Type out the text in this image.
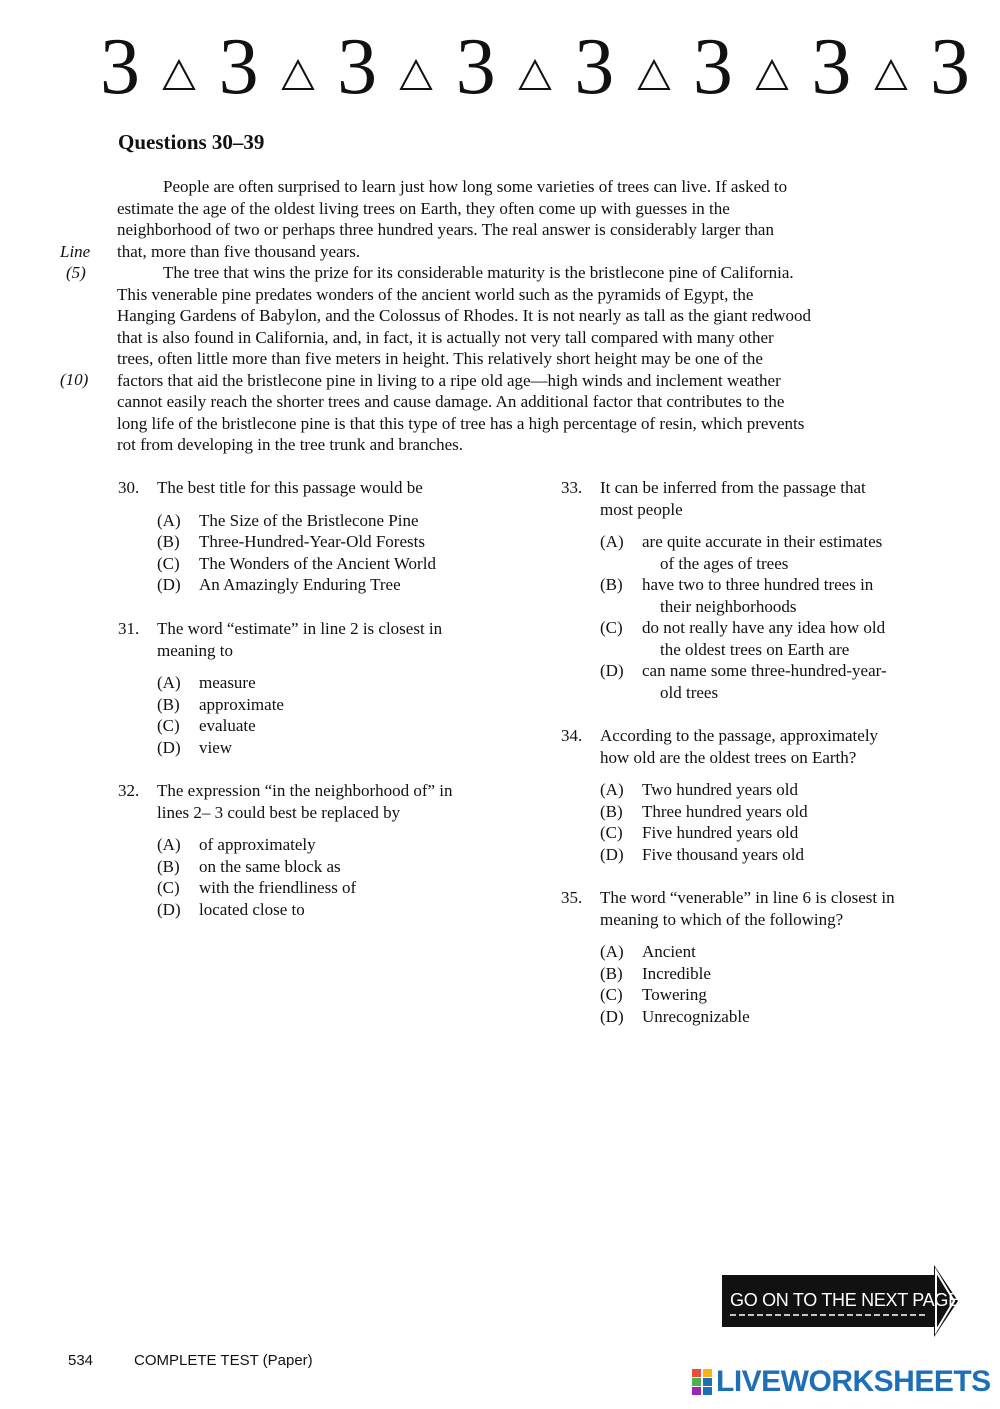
3 3 3 3 3 3 3 3
Questions 30–39
Line
(5)
(10)
People are often surprised to learn just how long some varieties of trees can live. If asked to
estimate the age of the oldest living trees on Earth, they often come up with guesses in the
neighborhood of two or perhaps three hundred years. The real answer is considerably larger than
that, more than five thousand years.
The tree that wins the prize for its considerable maturity is the bristlecone pine of California.
This venerable pine predates wonders of the ancient world such as the pyramids of Egypt, the
Hanging Gardens of Babylon, and the Colossus of Rhodes. It is not nearly as tall as the giant redwood
that is also found in California, and, in fact, it is actually not very tall compared with many other
trees, often little more than five meters in height. This relatively short height may be one of the
factors that aid the bristlecone pine in living to a ripe old age—high winds and inclement weather
cannot easily reach the shorter trees and cause damage. An additional factor that contributes to the
long life of the bristlecone pine is that this type of tree has a high percentage of resin, which prevents
rot from developing in the tree trunk and branches.
30.	The best title for this passage would be
(A)	The Size of the Bristlecone Pine
(B)	Three-Hundred-Year-Old Forests
(C)	The Wonders of the Ancient World
(D)	An Amazingly Enduring Tree
31.	The word “estimate” in line 2 is closest in
meaning to
(A)	measure
(B)	approximate
(C)	evaluate
(D)	view
32.	The expression “in the neighborhood of” in
lines 2– 3 could best be replaced by
(A)	of approximately
(B)	on the same block as
(C)	with the friendliness of
(D)	located close to
33.	It can be inferred from the passage that
most people
(A)	are quite accurate in their estimates
of the ages of trees
(B)	have two to three hundred trees in
their neighborhoods
(C)	do not really have any idea how old
the oldest trees on Earth are
(D)	can name some three-hundred-year-
old trees
34.	According to the passage, approximately
how old are the oldest trees on Earth?
(A)	Two hundred years old
(B)	Three hundred years old
(C)	Five hundred years old
(D)	Five thousand years old
35.	The word “venerable” in line 6 is closest in
meaning to which of the following?
(A)	Ancient
(B)	Incredible
(C)	Towering
(D)	Unrecognizable
GO ON TO THE NEXT PAGE
534	COMPLETE TEST (Paper)
LIVEWORKSHEETS
